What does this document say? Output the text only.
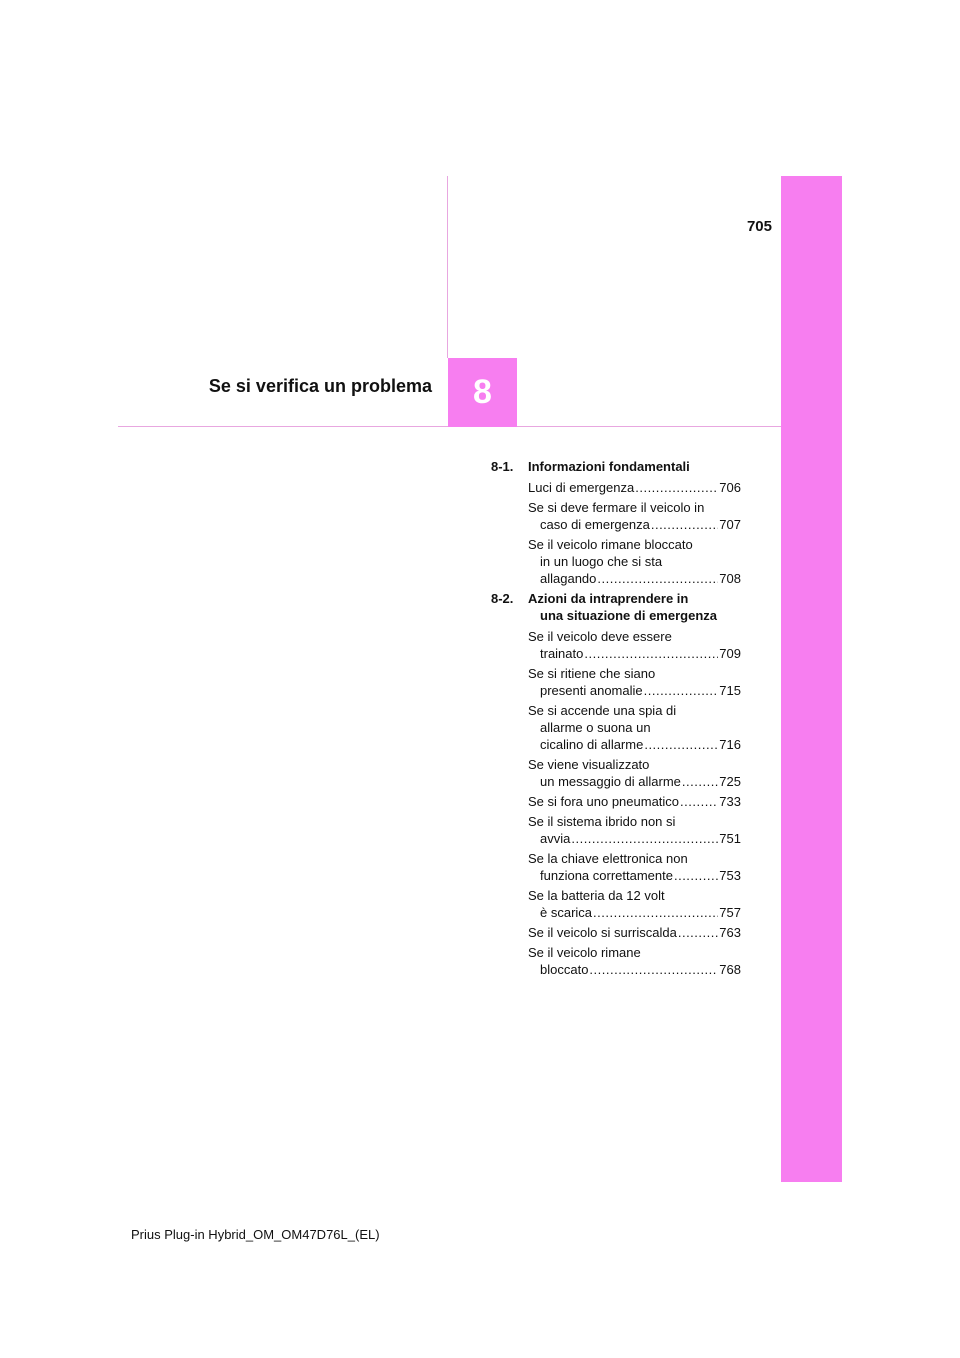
705
Se si verifica un problema 8
8-1.	Informazioni fondamentali
Luci di emergenza .....	706
Se si deve fermare il veicolo in
caso di emergenza .....	707
Se il veicolo rimane bloccato
in un luogo che si sta
allagando .....	708
8-2.	Azioni da intraprendere in
una situazione di emergenza
Se il veicolo deve essere
trainato .....	709
Se si ritiene che siano
presenti anomalie .....	715
Se si accende una spia di
allarme o suona un
cicalino di allarme .....	716
Se viene visualizzato
un messaggio di allarme .....	725
Se si fora uno pneumatico .....	733
Se il sistema ibrido non si
avvia .....	751
Se la chiave elettronica non
funziona correttamente .....	753
Se la batteria da 12 volt
è scarica .....	757
Se il veicolo si surriscalda .....	763
Se il veicolo rimane
bloccato .....	768
Prius Plug-in Hybrid_OM_OM47D76L_(EL)
